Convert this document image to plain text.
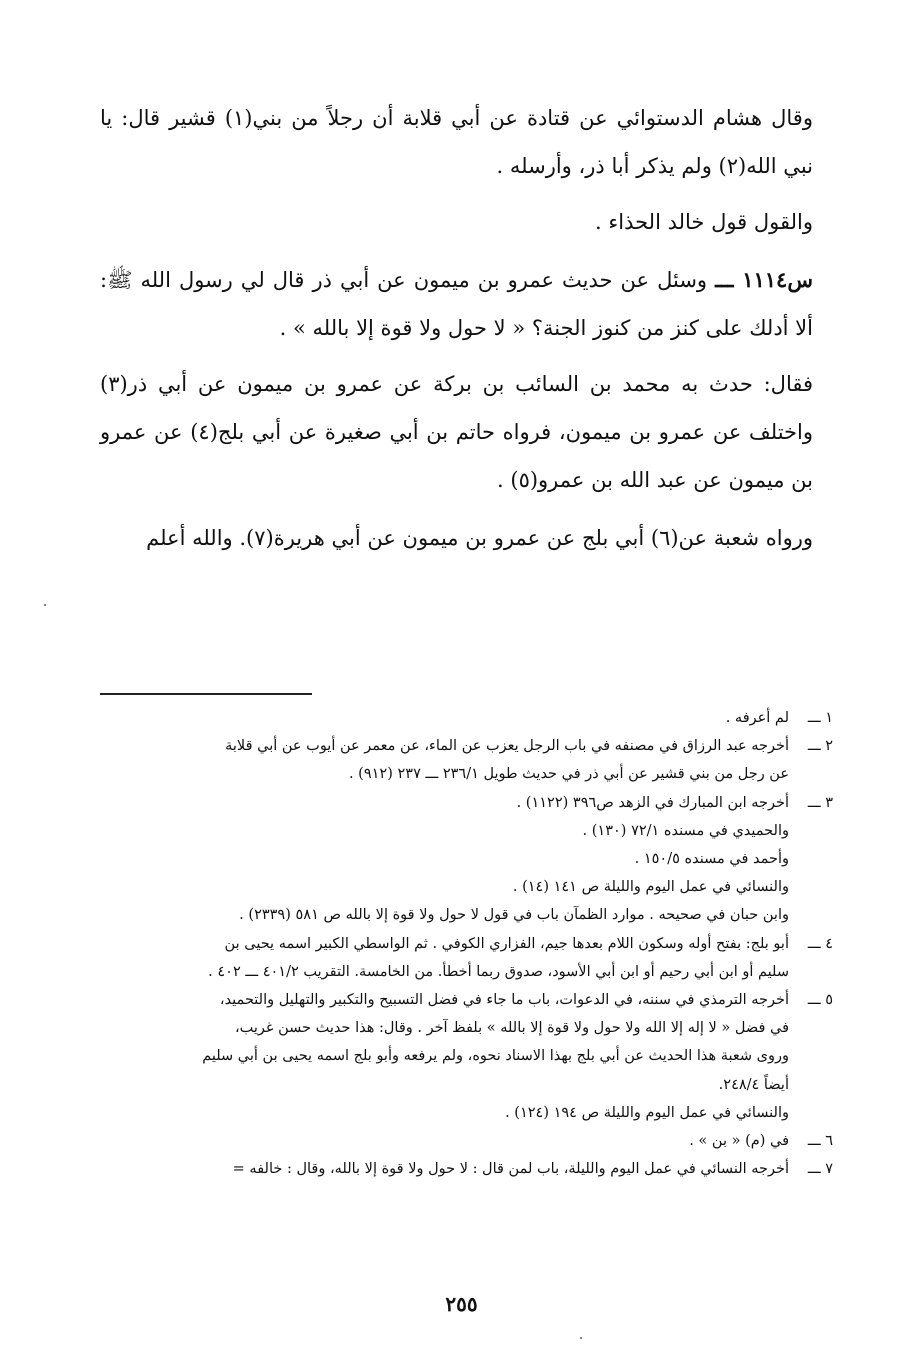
وقال هشام الدستوائي عن قتادة عن أبي قلابة أن رجلاً من بني(١) قشير قال: يا نبي الله(٢) ولم يذكر أبا ذر، وأرسله .

والقول قول خالد الحذاء .

س١١١٤ ـــ وسئل عن حديث عمرو بن ميمون عن أبي ذر قال لي رسول الله ﷺ: ألا أدلك على كنز من كنوز الجنة؟ « لا حول ولا قوة إلا بالله » .

فقال: حدث به محمد بن السائب بن بركة عن عمرو بن ميمون عن أبي ذر(٣) واختلف عن عمرو بن ميمون، فرواه حاتم بن أبي صغيرة عن أبي بلج(٤) عن عمرو بن ميمون عن عبد الله بن عمرو(٥) .

ورواه شعبة عن(٦) أبي بلج عن عمرو بن ميمون عن أبي هريرة(٧). والله أعلم

١ ـــ
لم أعرفه .
٢ ـــ
أخرجه عبد الرزاق في مصنفه في باب الرجل يعزب عن الماء، عن معمر عن أيوب عن أبي قلابة
عن رجل من بني قشير عن أبي ذر في حديث طويل ٢٣٦/١ ـــ ٢٣٧ (٩١٢) .
٣ ـــ
أخرجه ابن المبارك في الزهد ص٣٩٦ (١١٢٢) .
والحميدي في مسنده ٧٢/١ (١٣٠) .
وأحمد في مسنده ١٥٠/٥ .
والنسائي في عمل اليوم والليلة ص ١٤١ (١٤) .
وابن حبان في صحيحه . موارد الظمآن باب في قول لا حول ولا قوة إلا بالله ص ٥٨١ (٢٣٣٩) .
٤ ـــ
أبو بلج: بفتح أوله وسكون اللام بعدها جيم، الفزاري الكوفي . ثم الواسطي الكبير اسمه يحيى بن
سليم أو ابن أبي رحيم أو ابن أبي الأسود، صدوق ربما أخطأ. من الخامسة. التقريب ٤٠١/٢ ـــ ٤٠٢ .
٥ ـــ
أخرجه الترمذي في سننه، في الدعوات، باب ما جاء في فضل التسبيح والتكبير والتهليل والتحميد،
في فضل « لا إله إلا الله ولا حول ولا قوة إلا بالله » بلفظ آخر . وقال: هذا حديث حسن غريب،
وروى شعبة هذا الحديث عن أبي بلج بهذا الاسناد نحوه، ولم يرفعه وأبو بلج اسمه يحيى بن أبي سليم
أيضاً ٢٤٨/٤.
والنسائي في عمل اليوم والليلة ص ١٩٤ (١٢٤) .
٦ ـــ
في (م) « بن » .
٧ ـــ
أخرجه النسائي في عمل اليوم والليلة، باب لمن قال : لا حول ولا قوة إلا بالله، وقال : خالفه =
٢٥٥
